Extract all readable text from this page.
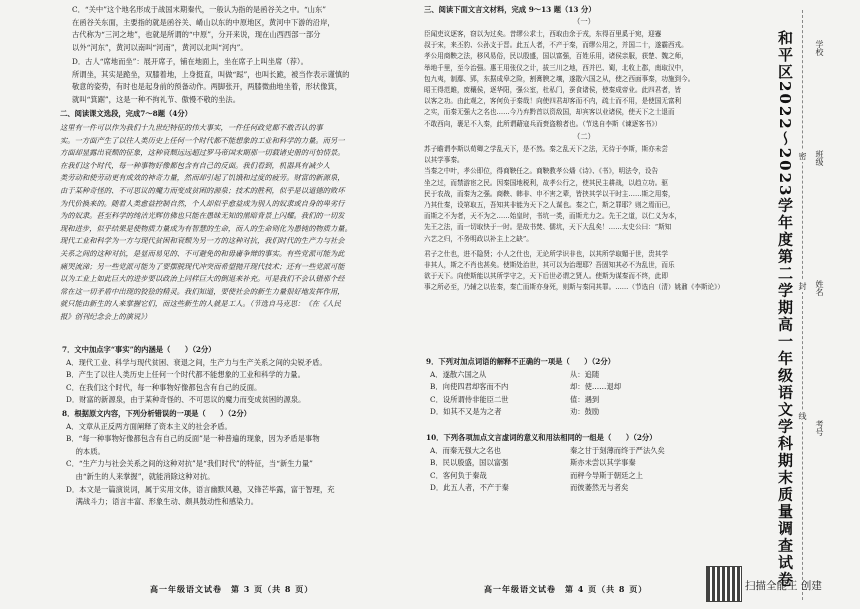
C．“关中”这个地名形成于战国末期秦代，一般认为指的是函谷关之中。“山东”
在函谷关东面，主要指的就是函谷关、崤山以东的中原地区，黄河中下游的沿岸，
古代称为“三河之地”，也就是所谓的“中原”，分开来说，现在山西西部一部分
以外“河东”，黄河以南叫“河南”，黄河以北叫“河内”。
D．古人“席地而坐”：展开席子，铺在地面上，坐在席子上叫坐席（荐）。
所谓坐，其实是跪坐，双膝着地，上身挺直，叫做“跽”，也叫长跪，被当作表示谨慎的
敬意的姿势，有时也是起身前的预备动作。两脚张开，两膝微曲地坐着，形状像箕，
就叫“箕踞”，这是一种不拘礼节、傲慢不敬的坐法。
二、阅读课文选段，完成7～8题（4分）
这里有一件可以作为我们十九世纪特征的伟大事实，一件任何政党都不敢否认的事
实。一方面产生了以往人类历史上任何一个时代都不能想象的工业和科学的力量。而另一
方面却显露出衰颓的征象，这种衰颓远远超过罗马帝国末期那一切载诸史册的可怕情景。
在我们这个时代，每一种事物好像都包含有自己的反面。我们看到，机器具有减少人
类劳动和使劳动更有成效的神奇力量，然而却引起了饥饿和过度的疲劳。财富的新源泉，
由于某种奇怪的、不可思议的魔力而变成贫困的源泉；技术的胜利，似乎是以道德的败坏
为代价换来的。随着人类愈益控制自然，个人却似乎愈益成为别人的奴隶或自身的卑劣行
为的奴隶。甚至科学的纯洁光辉仿佛也只能在愚昧无知的黑暗背景上闪耀。我们的一切发
现和进步，似乎结果是使物质力量成为有智慧的生命，而人的生命则化为愚钝的物质力量。
现代工业和科学为一方与现代贫困和衰颓为另一方的这种对抗，我们时代的生产力与社会
关系之间的这种对抗，是显而易见的、不可避免的和毋庸争辩的事实。有些党派可能为此
痛哭流涕；另一些党派可能为了要摆脱现代冲突而希望抛开现代技术；还有一些党派可能
以为工业上如此巨大的进步要以政治上同样巨大的倒退来补充。可是我们不会认错那个经
常在这一切矛盾中出现的狡狯的精灵。我们知道，要使社会的新生力量很好地发挥作用，
就只能由新生的人来掌握它们，而这些新生的人就是工人。（节选自马克思：《在《人民
报》创刊纪念会上的演说》）
7．文中加点字“事实”的内涵是（　　）（2分）
A．现代工业、科学与现代贫困、衰退之间，生产力与生产关系之间的尖锐矛盾。
B．产生了以往人类历史上任何一个时代都不能想象的工业和科学的力量。
C．在我们这个时代，每一种事物好像都包含有自己的反面。
D．财富的新源泉，由于某种奇怪的、不可思议的魔力而变成贫困的源泉。
8．根据原文内容，下列分析错误的一项是（　　）（2分）
A．文章从正反两方面阐释了资本主义的社会矛盾。
B．“每一种事物好像都包含有自己的反面”是一种普遍的现象，因为矛盾是事物
　 的本质。
C．“生产力与社会关系之间的这种对抗”是“我们时代”的特征，当“新生力量”
　 由“新生的人来掌握”，就能消除这种对抗。
D．本文是一篇演说词，属于实用文体，语言幽默风趣，又锋芒毕露，富于智理，充
　 满战斗力；语言丰富、形象生动、颇具鼓动性和感染力。
高一年级语文试卷　第 3 页（共 8 页）
三、阅读下面文言文材料，完成 9～13 题（13 分）
（一）
臣闻吏议逐客，窃以为过矣。昔缪公求士，西取由余于戎，东得百里奚于宛，迎蹇
叔于宋，来丕豹、公孙支于晋。此五人者，不产于秦，而缪公用之，并国二十，遂霸西戎。
孝公用商鞅之法，移风易俗，民以殷盛，国以富强，百姓乐用，诸侯亲服，获楚、魏之师，
举地千里，至今治强。惠王用张仪之计，拔三川之地，西并巴、蜀，北收上郡，南取汉中，
包九夷，制鄢、郢，东据成皋之险，割膏腴之壤，遂散六国之从，使之西面事秦，功施到今。
昭王得范雎，废穰侯，逐华阳，强公室，杜私门，蚕食诸侯，使秦成帝业。此四君者，皆
以客之功。由此观之，客何负于秦哉！向使四君却客而不内，疏士而不用，是使国无富利
之实，而秦无强大之名也……今乃弃黔首以资敌国，却宾客以业诸侯，使天下之士退而
不敢西向，裹足不入秦，此所谓藉寇兵而赍盗粮者也。（节选自李斯《谏逐客书》）
（二）
苏子瞻谓李斯以荀卿之学乱天下，是不然。秦之乱天下之法，无待于李斯，斯亦未尝
以其学事秦。
当秦之中叶，孝公即位，得商鞅任之。商鞅教孝公燔《诗》、《书》，明法令，设告
坐之过，而禁游宦之民。因秦国地税利，故孝公行之，使其民主耕战，以趋立功。驱
民于农战，而秦为之强。商鞅、韩非、申不害之辈，皆挟其学以干时主……斯之用秦，
乃其仕秦，设第取五，吾知其非能为天下之人谋也。秦之亡，斯之罪耶？则之焉而已，
而斯之不为者，天不为之……始皇时，书坑一类，而斯尤力之。先王之道，以仁义为本，
先王之法，而一切取快于一时。是故书焚、儒坑，天下大乱矣！……太史公曰：“斯知
六艺之归，不务明政以补主上之缺”。
君子之仕也，进不隐贤；小人之仕也，无论所学识非也，以其所学取媚于世，贵其学
非其人，斯之不肖也甚矣。使斯处治世，其可以为治理耶？吾固知其必不为乱世，而乐
欲于天下。向使斯能以其所学守之，天下后世必谓之贤人。使斯为谋秦而不终，此即
事之所必至，乃辅之以佐秦，秦亡而斯亦身死，则斯与秦同其罪。……（节选自（清）姚鼐《李斯论》）
9．下列对加点词语的解释不正确的一项是（　　）（2分）
A．遂散六国之从	从：追随
B．向使四君却客而不内	却：使……退却
C．设所谓侍非能臣二世	值：遇到
D．如其不又是为之者	劝：鼓励
10．下列各项加点文言虚词的意义和用法相同的一组是（　　）（2分）
A．而秦无强大之名也	秦之甘于刻薄而终于严法久矣
B．民以殷盛，国以富强	斯亦未尝以其学事秦
C．客何负于秦哉	而秤今导斯于朝廷之上
D．此五人者，不产于秦	而彼萎然无与者矣
高一年级语文试卷　第 4 页（共 8 页）
密
封
线
和平区2022～2023学年度第二学期高一年级语文学科期末质量调查试卷	学校
班级
姓名
考号
扫描全能王 创建
